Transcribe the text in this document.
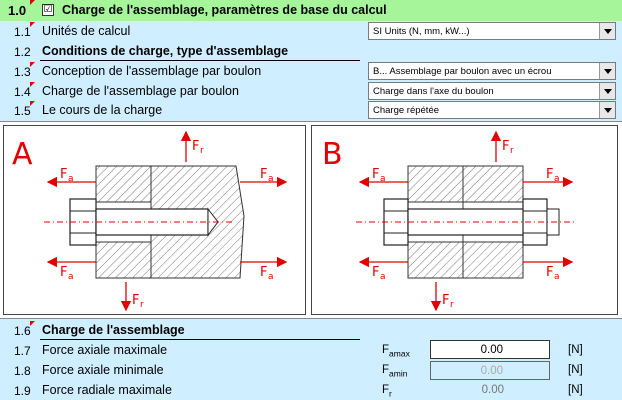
1.0 ☑ Charge de l'assemblage, paramètres de base du calcul
1.1 Unités de calcul	SI Units (N, mm, kW...)
1.2 Conditions de charge, type d'assemblage
1.3 Conception de l'assemblage par boulon	B... Assemblage par boulon avec un écrou
1.4 Charge de l'assemblage par boulon	Charge dans l'axe du boulon
1.5 Le cours de la charge	Charge répétée
A
F a	F a
F a	F a
F r
F r
B
F a	F a
F a	F a
F r
F r
1.6 Charge de l'assemblage
1.7 Force axiale maximale	$F_{amax}$	0.00	[N]
1.8 Force axiale minimale	$F_{amin}$	0.00	[N]
1.9 Force radiale maximale	$F_r$	0.00	[N]
